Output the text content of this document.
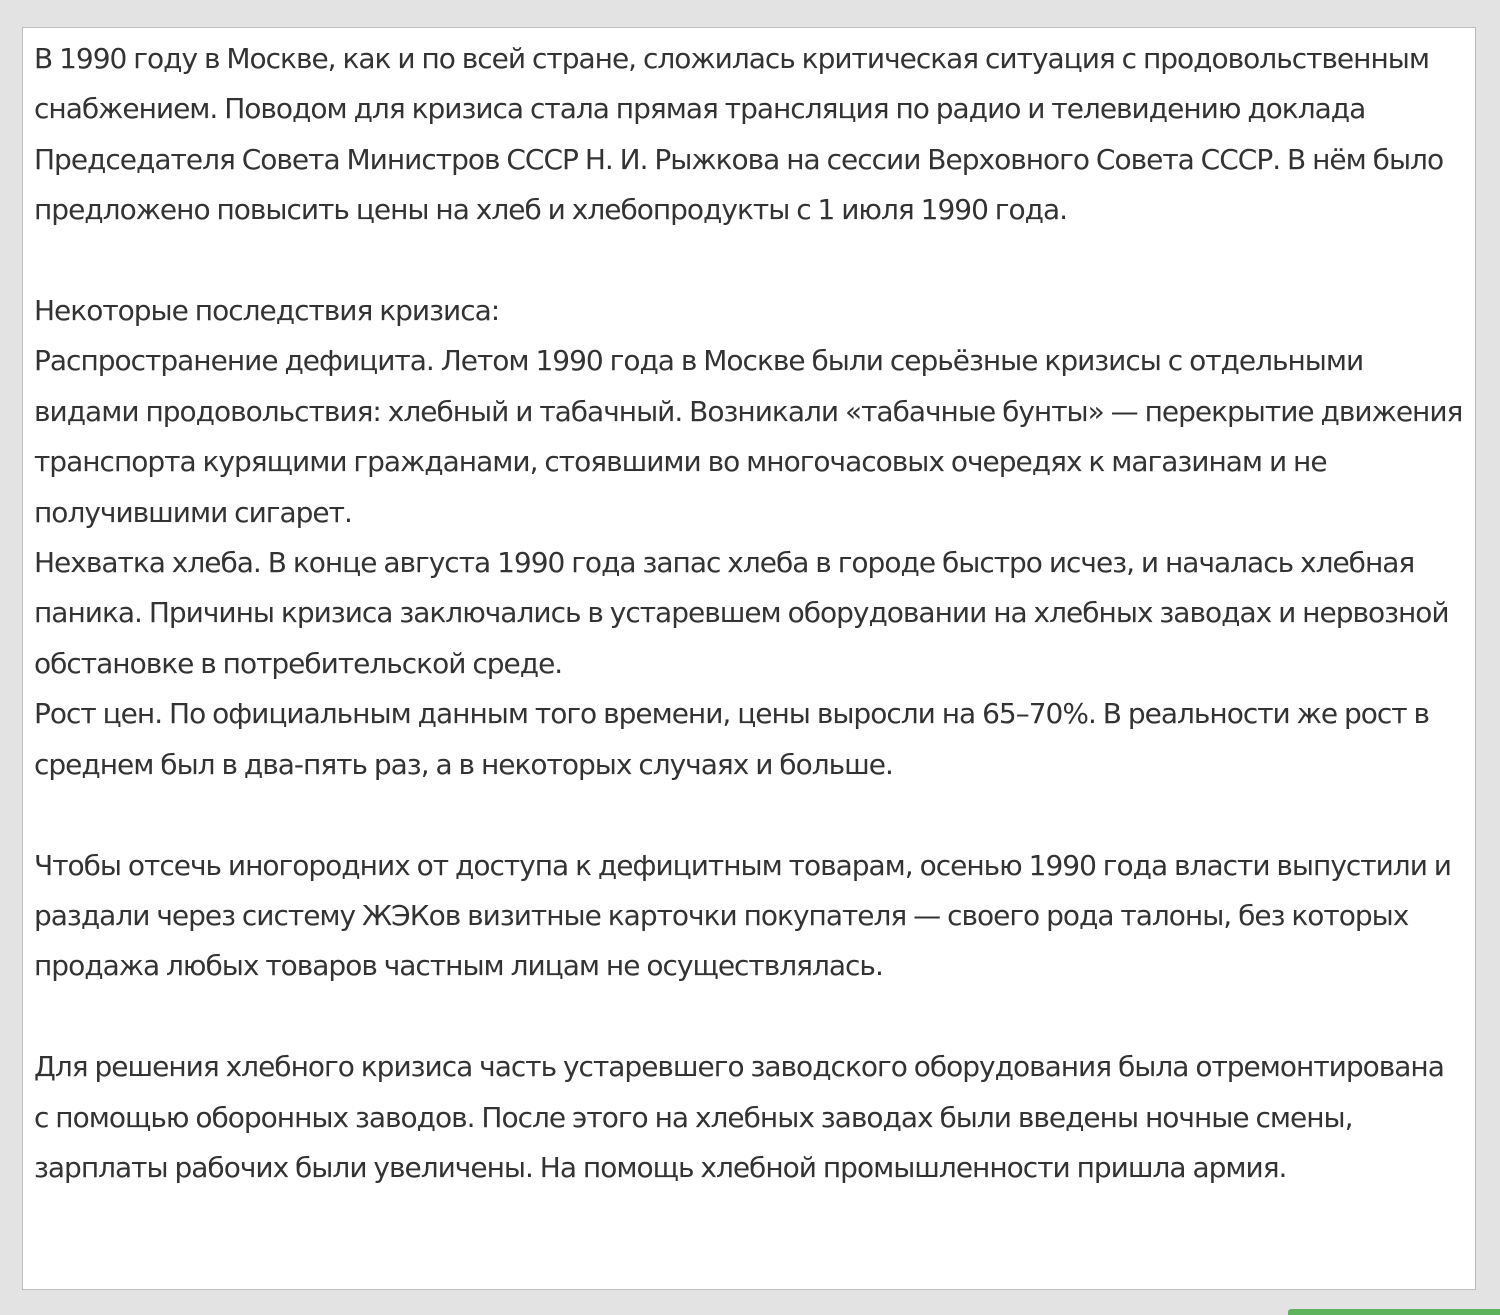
В 1990 году в Москве, как и по всей стране, сложилась критическая ситуация с продовольственным снабжением. Поводом для кризиса стала прямая трансляция по радио и телевидению доклада Председателя Совета Министров СССР Н. И. Рыжкова на сессии Верховного Совета СССР. В нём было предложено повысить цены на хлеб и хлебопродукты с 1 июля 1990 года.

Некоторые последствия кризиса:
Распространение дефицита. Летом 1990 года в Москве были серьёзные кризисы с отдельными видами продовольствия: хлебный и табачный. Возникали «табачные бунты» — перекрытие движения транспорта курящими гражданами, стоявшими во многочасовых очередях к магазинам и не получившими сигарет.
Нехватка хлеба. В конце августа 1990 года запас хлеба в городе быстро исчез, и началась хлебная паника. Причины кризиса заключались в устаревшем оборудовании на хлебных заводах и нервозной обстановке в потребительской среде.
Рост цен. По официальным данным того времени, цены выросли на 65–70%. В реальности же рост в среднем был в два-пять раз, а в некоторых случаях и больше.

Чтобы отсечь иногородних от доступа к дефицитным товарам, осенью 1990 года власти выпустили и раздали через систему ЖЭКов визитные карточки покупателя — своего рода талоны, без которых продажа любых товаров частным лицам не осуществлялась.

Для решения хлебного кризиса часть устаревшего заводского оборудования была отремонтирована с помощью оборонных заводов. После этого на хлебных заводах были введены ночные смены, зарплаты рабочих были увеличены. На помощь хлебной промышленности пришла армия.
